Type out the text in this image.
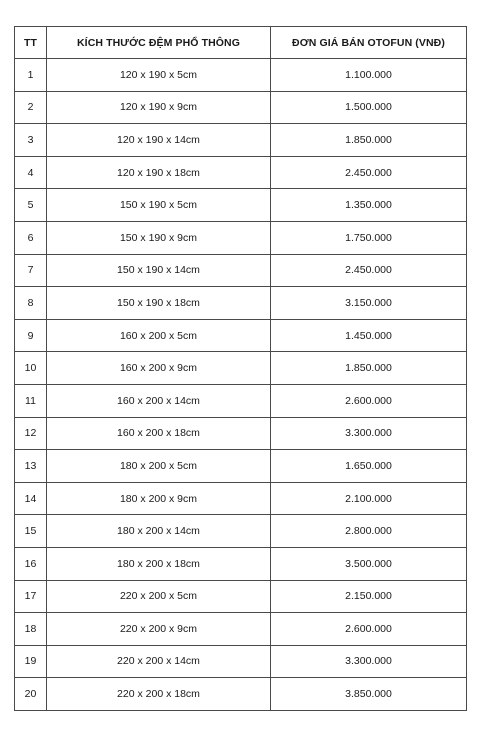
TT	KÍCH THƯỚC ĐỆM PHỔ THÔNG	ĐƠN GIÁ BÁN OTOFUN (VNĐ)
1	120 x 190 x 5cm	1.100.000
2	120 x 190 x 9cm	1.500.000
3	120 x 190 x 14cm	1.850.000
4	120 x 190 x 18cm	2.450.000
5	150 x 190 x 5cm	1.350.000
6	150 x 190 x 9cm	1.750.000
7	150 x 190 x 14cm	2.450.000
8	150 x 190 x 18cm	3.150.000
9	160 x 200 x 5cm	1.450.000
10	160 x 200 x 9cm	1.850.000
11	160 x 200 x 14cm	2.600.000
12	160 x 200 x 18cm	3.300.000
13	180 x 200 x 5cm	1.650.000
14	180 x 200 x 9cm	2.100.000
15	180 x 200 x 14cm	2.800.000
16	180 x 200 x 18cm	3.500.000
17	220 x 200 x 5cm	2.150.000
18	220 x 200 x 9cm	2.600.000
19	220 x 200 x 14cm	3.300.000
20	220 x 200 x 18cm	3.850.000
